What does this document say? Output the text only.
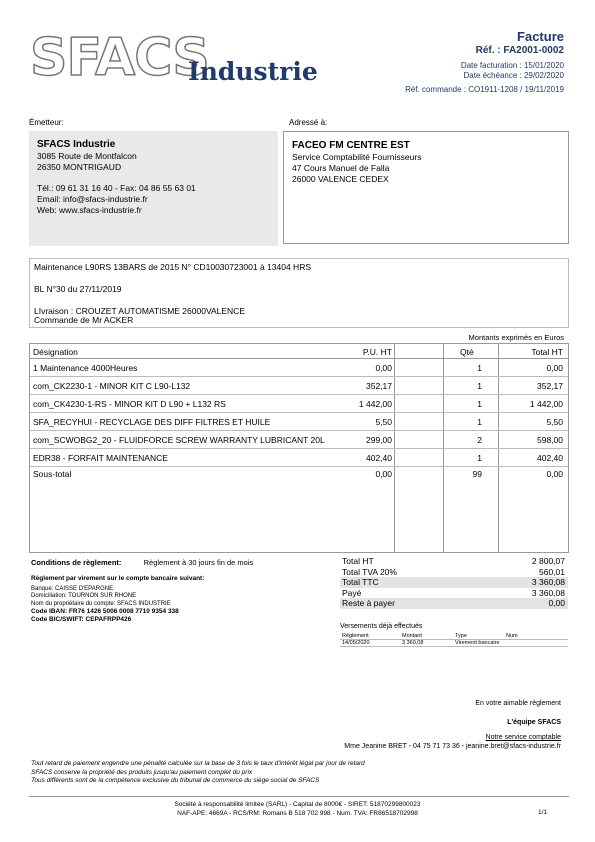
SFACS
Industrie
Facture
Réf. : FA2001-0002
Date facturation : 15/01/2020
Date échéance : 29/02/2020
Réf. commande : CO1911-1208 / 19/11/2019
Émetteur:	Adressé à:
SFACS Industrie
3085 Route de Montfalcon
26350 MONTRIGAUD
Tél.: 09 61 31 16 40 - Fax: 04 86 55 63 01
Email: info@sfacs-industrie.fr
Web: www.sfacs-industrie.fr
FACEO FM CENTRE EST
Service Comptabilité Fournisseurs
47 Cours Manuel de Falla
26000 VALENCE CEDEX

Maintenance L90RS 13BARS de 2015 N° CD10030723001 à 13404 HRS

BL N°30 du 27/11/2019

LIvraison : CROUZET AUTOMATISME 26000VALENCE

Commande de Mr ACKER

Montants exprimés en Euros
Désignation	P.U. HT	Qté	Total HT
1 Maintenance 4000Heures	0,00	1	0,00
com_CK2230-1 - MINOR KIT C L90-L132	352,17	1	352,17
com_CK4230-1-RS - MINOR KIT D L90 + L132 RS	1 442,00	1	1 442,00
SFA_RECYHUI - RECYCLAGE DES DIFF FILTRES ET HUILE	5,50	1	5,50
com_SCWOBG2_20 - FLUIDFORCE SCREW WARRANTY LUBRICANT 20L	299,00	2	598,00
EDR38 - FORFAIT MAINTENANCE	402,40	1	402,40
Sous-total	0,00	99	0,00
Conditions de règlement:	Règlement à 30 jours fin de mois
Règlement par virement sur le compte bancaire suivant:
Banque: CAISSE D'EPARGNE
Domiciliation: TOURNON SUR RHONE
Nom du propriétaire du compte: SFACS INDUSTRIE
Code IBAN: FR76 1426 5006 0008 7710 9354 338
Code BIC/SWIFT: CEPAFRPP426
Total HT	2 800,07
Total TVA 20%	560,01
Total TTC	3 360,08
Payé	3 360,08
Reste à payer	0,00
Versements déjà effectués
Règlement	Montant	Type	Num
14/05/2020	3 360,08	Virement bancaire
En votre aimable règlement
L'équipe SFACS
Notre service comptable
Mme Jeanine BRET - 04 75 71 73 36 - jeanine.bret@sfacs-industrie.fr
Tout retard de paiement engendre une pénalité calculée sur la base de 3 fois le taux d'intérêt légal par jour de retard
SFACS conserve la propriété des produits jusqu'au paiement complet du prix
Tous différents sont de la compétence exclusive du tribunal de commerce du siège social de SFACS
Société à responsabilité limitée (SARL) - Capital de 8000€ - SIRET: 51870299800023
NAF-APE: 4669A - RCS/RM: Romans B 518 702 998 - Num. TVA: FR86518702998	1/1
